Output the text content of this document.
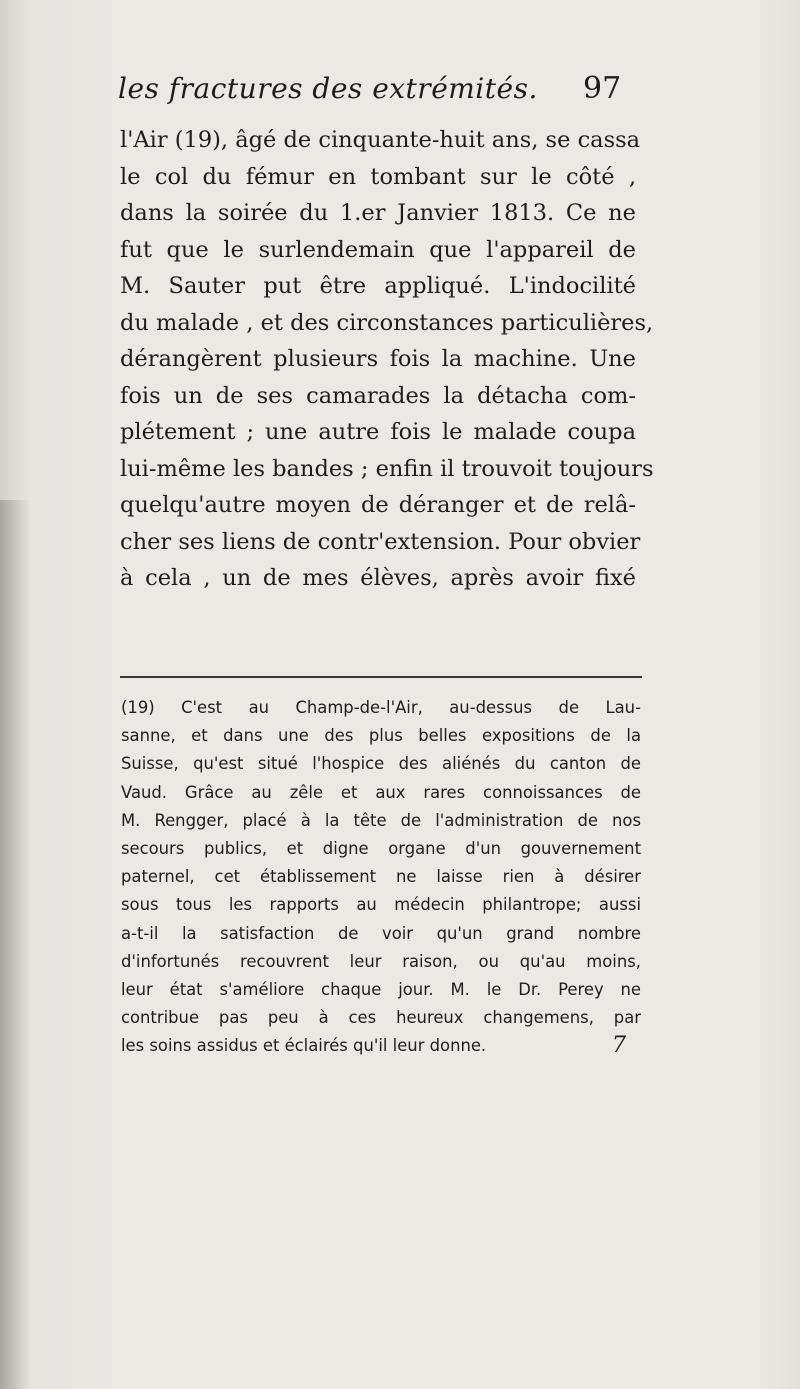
les fractures des extrémités. 97
l'Air (19), âgé de cinquante-huit ans, se cassa
le col du fémur en tombant sur le côté ,
dans la soirée du 1.er Janvier 1813. Ce ne
fut que le surlendemain que l'appareil de
M. Sauter put être appliqué. L'indocilité
du malade , et des circonstances particulières,
dérangèrent plusieurs fois la machine. Une
fois un de ses camarades la détacha com-
plétement ; une autre fois le malade coupa
lui-même les bandes ; enfin il trouvoit toujours
quelqu'autre moyen de déranger et de relâ-
cher ses liens de contr'extension. Pour obvier
à cela , un de mes élèves, après avoir fixé
(19) C'est au Champ-de-l'Air, au-dessus de Lau-
sanne, et dans une des plus belles expositions de la
Suisse, qu'est situé l'hospice des aliénés du canton de
Vaud. Grâce au zêle et aux rares connoissances de
M. Rengger, placé à la tête de l'administration de nos
secours publics, et digne organe d'un gouvernement
paternel, cet établissement ne laisse rien à désirer
sous tous les rapports au médecin philantrope; aussi
a-t-il la satisfaction de voir qu'un grand nombre
d'infortunés recouvrent leur raison, ou qu'au moins,
leur état s'améliore chaque jour. M. le Dr. Perey ne
contribue pas peu à ces heureux changemens, par
les soins assidus et éclairés qu'il leur donne.	7
